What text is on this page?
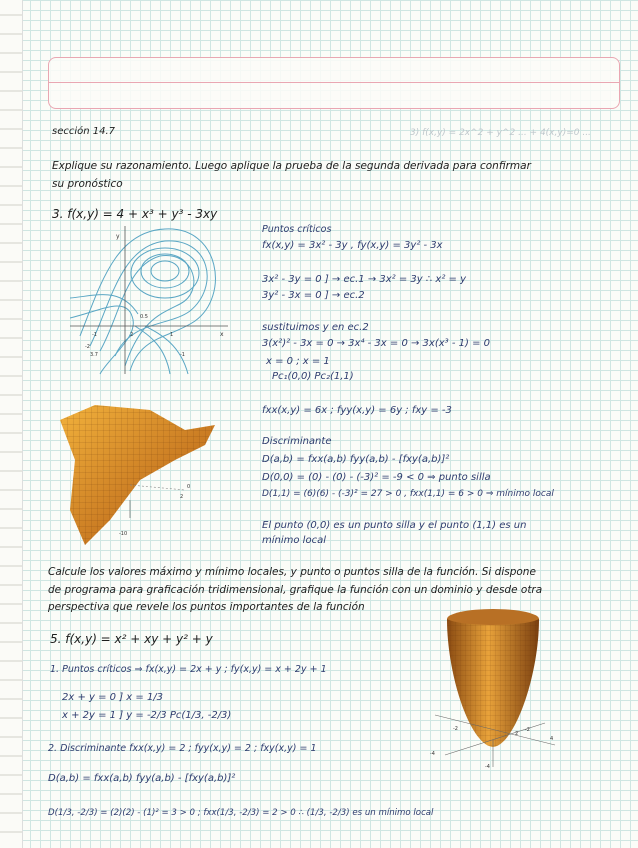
sección 14.7	3) f(x,y) = 2x^2 + y^2 ... + 4(x,y)=0 ...
Explique su razonamiento. Luego aplique la prueba de la segunda derivada para confirmar
su pronóstico
3. f(x,y) = 4 + x³ + y³ - 3xy
y
x
-1	1
0.5
-2
2
3.7	-1
2
0
-10
Puntos críticos
fx(x,y) = 3x² - 3y , fy(x,y) = 3y² - 3x
3x² - 3y = 0 ] → ec.1 → 3x² = 3y ∴ x² = y
3y² - 3x = 0 ] → ec.2
sustituimos y en ec.2
3(x²)² - 3x = 0 → 3x⁴ - 3x = 0 → 3x(x³ - 1) = 0
x = 0 ; x = 1
Pc₁(0,0) Pc₂(1,1)
fxx(x,y) = 6x ; fyy(x,y) = 6y ; fxy = -3
Discriminante
D(a,b) = fxx(a,b) fyy(a,b) - [fxy(a,b)]²
D(0,0) = (0) - (0) - (-3)² = -9 < 0 ⇒ punto silla
D(1,1) = (6)(6) - (-3)² = 27 > 0 , fxx(1,1) = 6 > 0 ⇒ mínimo local
El punto (0,0) es un punto silla y el punto (1,1) es un
mínimo local
Calcule los valores máximo y mínimo locales, y punto o puntos silla de la función. Si dispone
de programa para graficación tridimensional, grafique la función con un dominio y desde otra
perspectiva que revele los puntos importantes de la función
5. f(x,y) = x² + xy + y² + y
1. Puntos críticos ⇒ fx(x,y) = 2x + y ; fy(x,y) = x + 2y + 1
2x + y = 0 ] x = 1/3
x + 2y = 1 ] y = -2/3 Pc(1/3, -2/3)
2. Discriminante fxx(x,y) = 2 ; fyy(x,y) = 2 ; fxy(x,y) = 1
D(a,b) = fxx(a,b) fyy(a,b) - [fxy(a,b)]²
D(1/3, -2/3) = (2)(2) - (1)² = 3 > 0 ; fxx(1/3, -2/3) = 2 > 0 ∴ (1/3, -2/3) es un mínimo local
-2
-4
2
4
-2
-4
